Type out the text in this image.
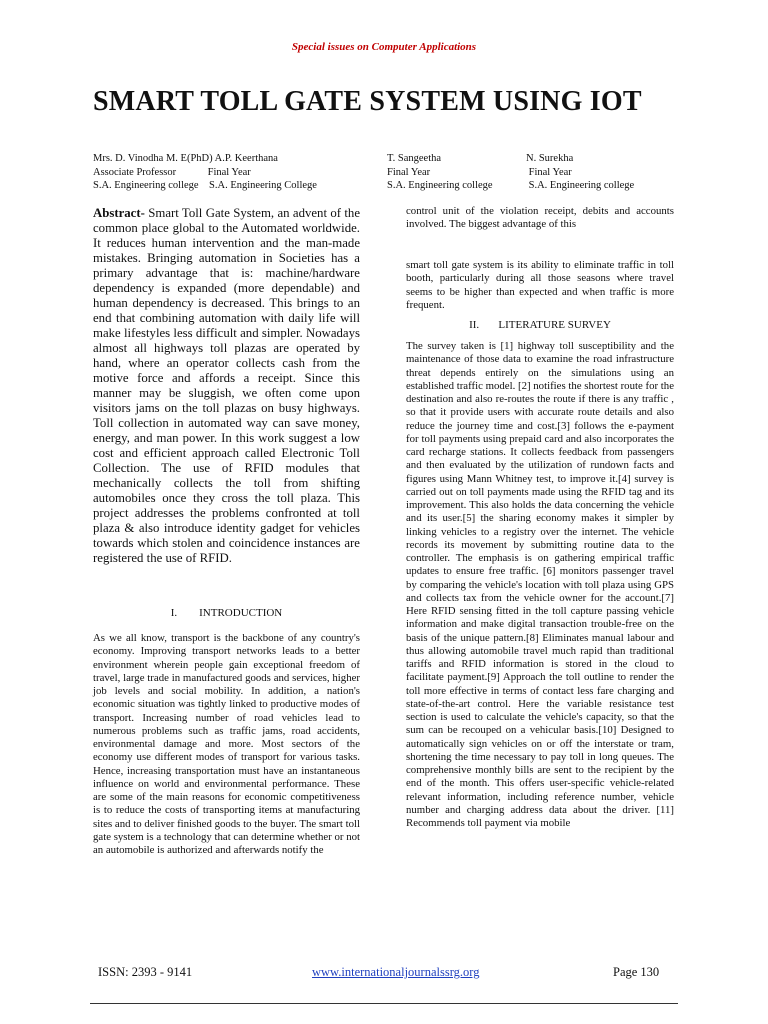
Special issues on Computer Applications
SMART TOLL GATE SYSTEM USING IOT
Mrs. D. Vinodha M. E(PhD) A.P. Keerthana
Associate Professor            Final Year
S.A. Engineering college    S.A. Engineering College
T. Sangeetha
Final Year
S.A. Engineering college
N. Surekha
Final Year
S.A. Engineering college

Abstract- Smart Toll Gate System, an advent of the common place global to the Automated worldwide. It reduces human intervention and the man-made mistakes. Bringing automation in Societies has a primary advantage that is: machine/hardware dependency is expanded (more dependable) and human dependency is decreased. This brings to an end that combining automation with daily life will make lifestyles less difficult and simpler. Nowadays almost all highways toll plazas are operated by hand, where an operator collects cash from the motive force and affords a receipt. Since this manner may be sluggish, we often come upon visitors jams on the toll plazas on busy highways. Toll collection in automated way can save money, energy, and man power. In this work suggest a low cost and efficient approach called Electronic Toll Collection. The use of RFID modules that mechanically collects the toll from shifting automobiles once they cross the toll plaza. This project addresses the problems confronted at toll plaza & also introduce identity gadget for vehicles towards which stolen and coincidence instances are registered the use of RFID.

I.        INTRODUCTION

As we all know, transport is the backbone of any country's economy. Improving transport networks leads to a better environment wherein people gain exceptional freedom of travel, large trade in manufactured goods and services, higher job levels and social mobility. In addition, a nation's economic situation was tightly linked to productive modes of transport. Increasing number of road vehicles lead to numerous problems such as traffic jams, road accidents, environmental damage and more. Most sectors of the economy use different modes of transport for various tasks. Hence, increasing transportation must have an instantaneous influence on world and environmental performance. These are some of the main reasons for economic competitiveness is to reduce the costs of transporting items at manufacturing sites and to deliver finished goods to the buyer. The smart toll gate system is a technology that can determine whether or not an automobile is authorized and afterwards notify the

control unit of the violation receipt, debits and accounts involved. The biggest advantage of this

smart toll gate system is its ability to eliminate traffic in toll booth, particularly during all those seasons where travel seems to be higher than expected and when traffic is more frequent.

II.       LITERATURE SURVEY

The survey taken is [1] highway toll susceptibility and the maintenance of those data to examine the road infrastructure threat depends entirely on the simulations using an established traffic model. [2] notifies the shortest route for the destination and also re-routes the route if there is any traffic , so that it provide users with accurate route details and also reduce the journey time and cost.[3] follows the e-payment for toll payments using prepaid card and also incorporates the card recharge stations. It collects feedback from passengers and then evaluated by the utilization of rundown facts and figures using Mann Whitney test, to improve it.[4] survey is carried out on toll payments made using the RFID tag and its improvement. This also holds the data concerning the vehicle and its user.[5] the sharing economy makes it simpler by linking vehicles to a registry over the internet. The vehicle records its movement by submitting routine data to the controller. The emphasis is on gathering empirical traffic updates to ensure free traffic. [6] monitors passenger travel by comparing the vehicle's location with toll plaza using GPS and collects tax from the vehicle owner for the account.[7] Here RFID sensing fitted in the toll capture passing vehicle information and make digital transaction trouble-free on the basis of the unique pattern.[8] Eliminates manual labour and thus allowing automobile travel much rapid than traditional tariffs and RFID information is stored in the cloud to facilitate payment.[9] Approach the toll outline to render the toll more effective in terms of contact less fare charging and state-of-the-art control. Here the variable resistance test section is used to calculate the vehicle's capacity, so that the sum can be recouped on a vehicular basis.[10] Designed to automatically sign vehicles on or off the interstate or tram, shortening the time necessary to pay toll in long queues. The comprehensive monthly bills are sent to the recipient by the end of the month. This offers user-specific vehicle-related relevant information, including reference number, vehicle number and charging address data about the driver. [11] Recommends toll payment via mobile

ISSN: 2393 - 9141	www.internationaljournalssrg.org	Page 130
